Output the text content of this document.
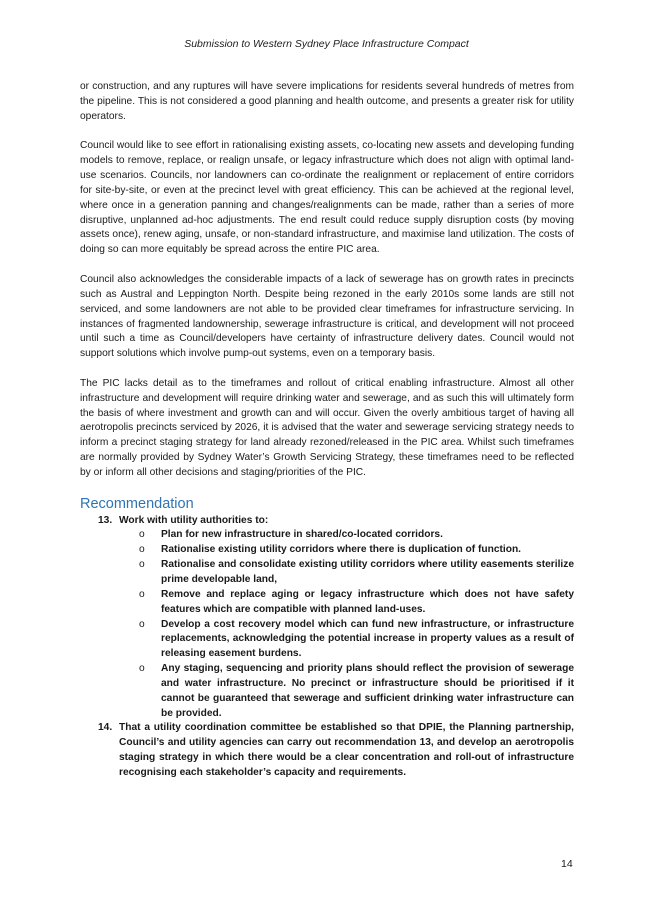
Submission to Western Sydney Place Infrastructure Compact

or construction, and any ruptures will have severe implications for residents several hundreds of metres from the pipeline. This is not considered a good planning and health outcome, and presents a greater risk for utility operators.

Council would like to see effort in rationalising existing assets, co-locating new assets and developing funding models to remove, replace, or realign unsafe, or legacy infrastructure which does not align with optimal land-use scenarios. Councils, nor landowners can co-ordinate the realignment or replacement of entire corridors for site-by-site, or even at the precinct level with great efficiency. This can be achieved at the regional level, where once in a generation panning and changes/realignments can be made, rather than a series of more disruptive, unplanned ad-hoc adjustments. The end result could reduce supply disruption costs (by moving assets once), renew aging, unsafe, or non-standard infrastructure, and maximise land utilization. The costs of doing so can more equitably be spread across the entire PIC area.

Council also acknowledges the considerable impacts of a lack of sewerage has on growth rates in precincts such as Austral and Leppington North. Despite being rezoned in the early 2010s some lands are still not serviced, and some landowners are not able to be provided clear timeframes for infrastructure servicing. In instances of fragmented landownership, sewerage infrastructure is critical, and development will not proceed until such a time as Council/developers have certainty of infrastructure delivery dates. Council would not support solutions which involve pump-out systems, even on a temporary basis.

The PIC lacks detail as to the timeframes and rollout of critical enabling infrastructure. Almost all other infrastructure and development will require drinking water and sewerage, and as such this will ultimately form the basis of where investment and growth can and will occur. Given the overly ambitious target of having all aerotropolis precincts serviced by 2026, it is advised that the water and sewerage servicing strategy needs to inform a precinct staging strategy for land already rezoned/released in the PIC area. Whilst such timeframes are normally provided by Sydney Water’s Growth Servicing Strategy, these timeframes need to be reflected by or inform all other decisions and staging/priorities of the PIC.

Recommendation
13. Work with utility authorities to:
o	Plan for new infrastructure in shared/co-located corridors.
o	Rationalise existing utility corridors where there is duplication of function.
o	Rationalise and consolidate existing utility corridors where utility easements sterilize prime developable land,
o	Remove and replace aging or legacy infrastructure which does not have safety features which are compatible with planned land-uses.
o	Develop a cost recovery model which can fund new infrastructure, or infrastructure replacements, acknowledging the potential increase in property values as a result of releasing easement burdens.
o	Any staging, sequencing and priority plans should reflect the provision of sewerage and water infrastructure. No precinct or infrastructure should be prioritised if it cannot be guaranteed that sewerage and sufficient drinking water infrastructure can be provided.
14. That a utility coordination committee be established so that DPIE, the Planning partnership, Council’s and utility agencies can carry out recommendation 13, and develop an aerotropolis staging strategy in which there would be a clear concentration and roll-out of infrastructure recognising each stakeholder’s capacity and requirements.
14
